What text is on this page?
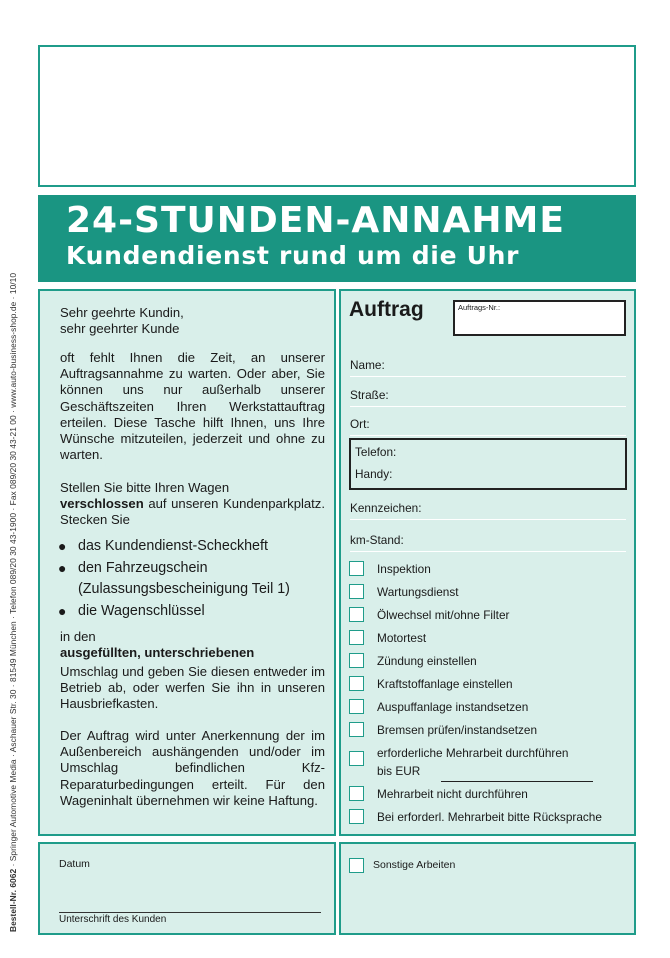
Bestell-Nr. 6062 · Springer Automotive Media · Aschauer Str. 30 · 81549 München · Telefon 089/20 30 43-1900 · Fax 089/20 30 43-21 00 · www.auto-business-shop.de · 10/10
24-STUNDEN-ANNAHME
Kundendienst rund um die Uhr

Sehr geehrte Kundin,

sehr geehrter Kunde

oft fehlt Ihnen die Zeit, an unserer Auftragsannahme zu warten. Oder aber, Sie können uns nur außerhalb unserer Geschäftszeiten Ihren Werkstattauftrag erteilen. Diese Tasche hilft Ihnen, uns Ihre Wünsche mitzuteilen, jederzeit und ohne zu warten.

Stellen Sie bitte Ihren Wagen
verschlossen auf unseren Kundenparkplatz. Stecken Sie

● das Kundendienst-Scheckheft
● den Fahrzeugschein
(Zulassungsbescheinigung Teil 1)
● die Wagenschlüssel

in den

ausgefüllten, unterschriebenen

Umschlag und geben Sie diesen entweder im Betrieb ab, oder werfen Sie ihn in unseren Hausbriefkasten.

Der Auftrag wird unter Anerkennung der im Außenbereich aushängenden und/oder im Umschlag befindlichen Kfz-Reparaturbedingungen erteilt. Für den Wageninhalt übernehmen wir keine Haftung.

Auftrag	Auftrags-Nr.:
Name:
Straße:
Ort:
Telefon:
Handy:
Kennzeichen:
km-Stand:
Inspektion
Wartungsdienst
Ölwechsel mit/ohne Filter
Motortest
Zündung einstellen
Kraftstoffanlage einstellen
Auspuffanlage instandsetzen
Bremsen prüfen/instandsetzen
erforderliche Mehrarbeit durchführen
bis EUR
Mehrarbeit nicht durchführen
Bei erforderl. Mehrarbeit bitte Rücksprache
Datum
Unterschrift des Kunden
Sonstige Arbeiten
